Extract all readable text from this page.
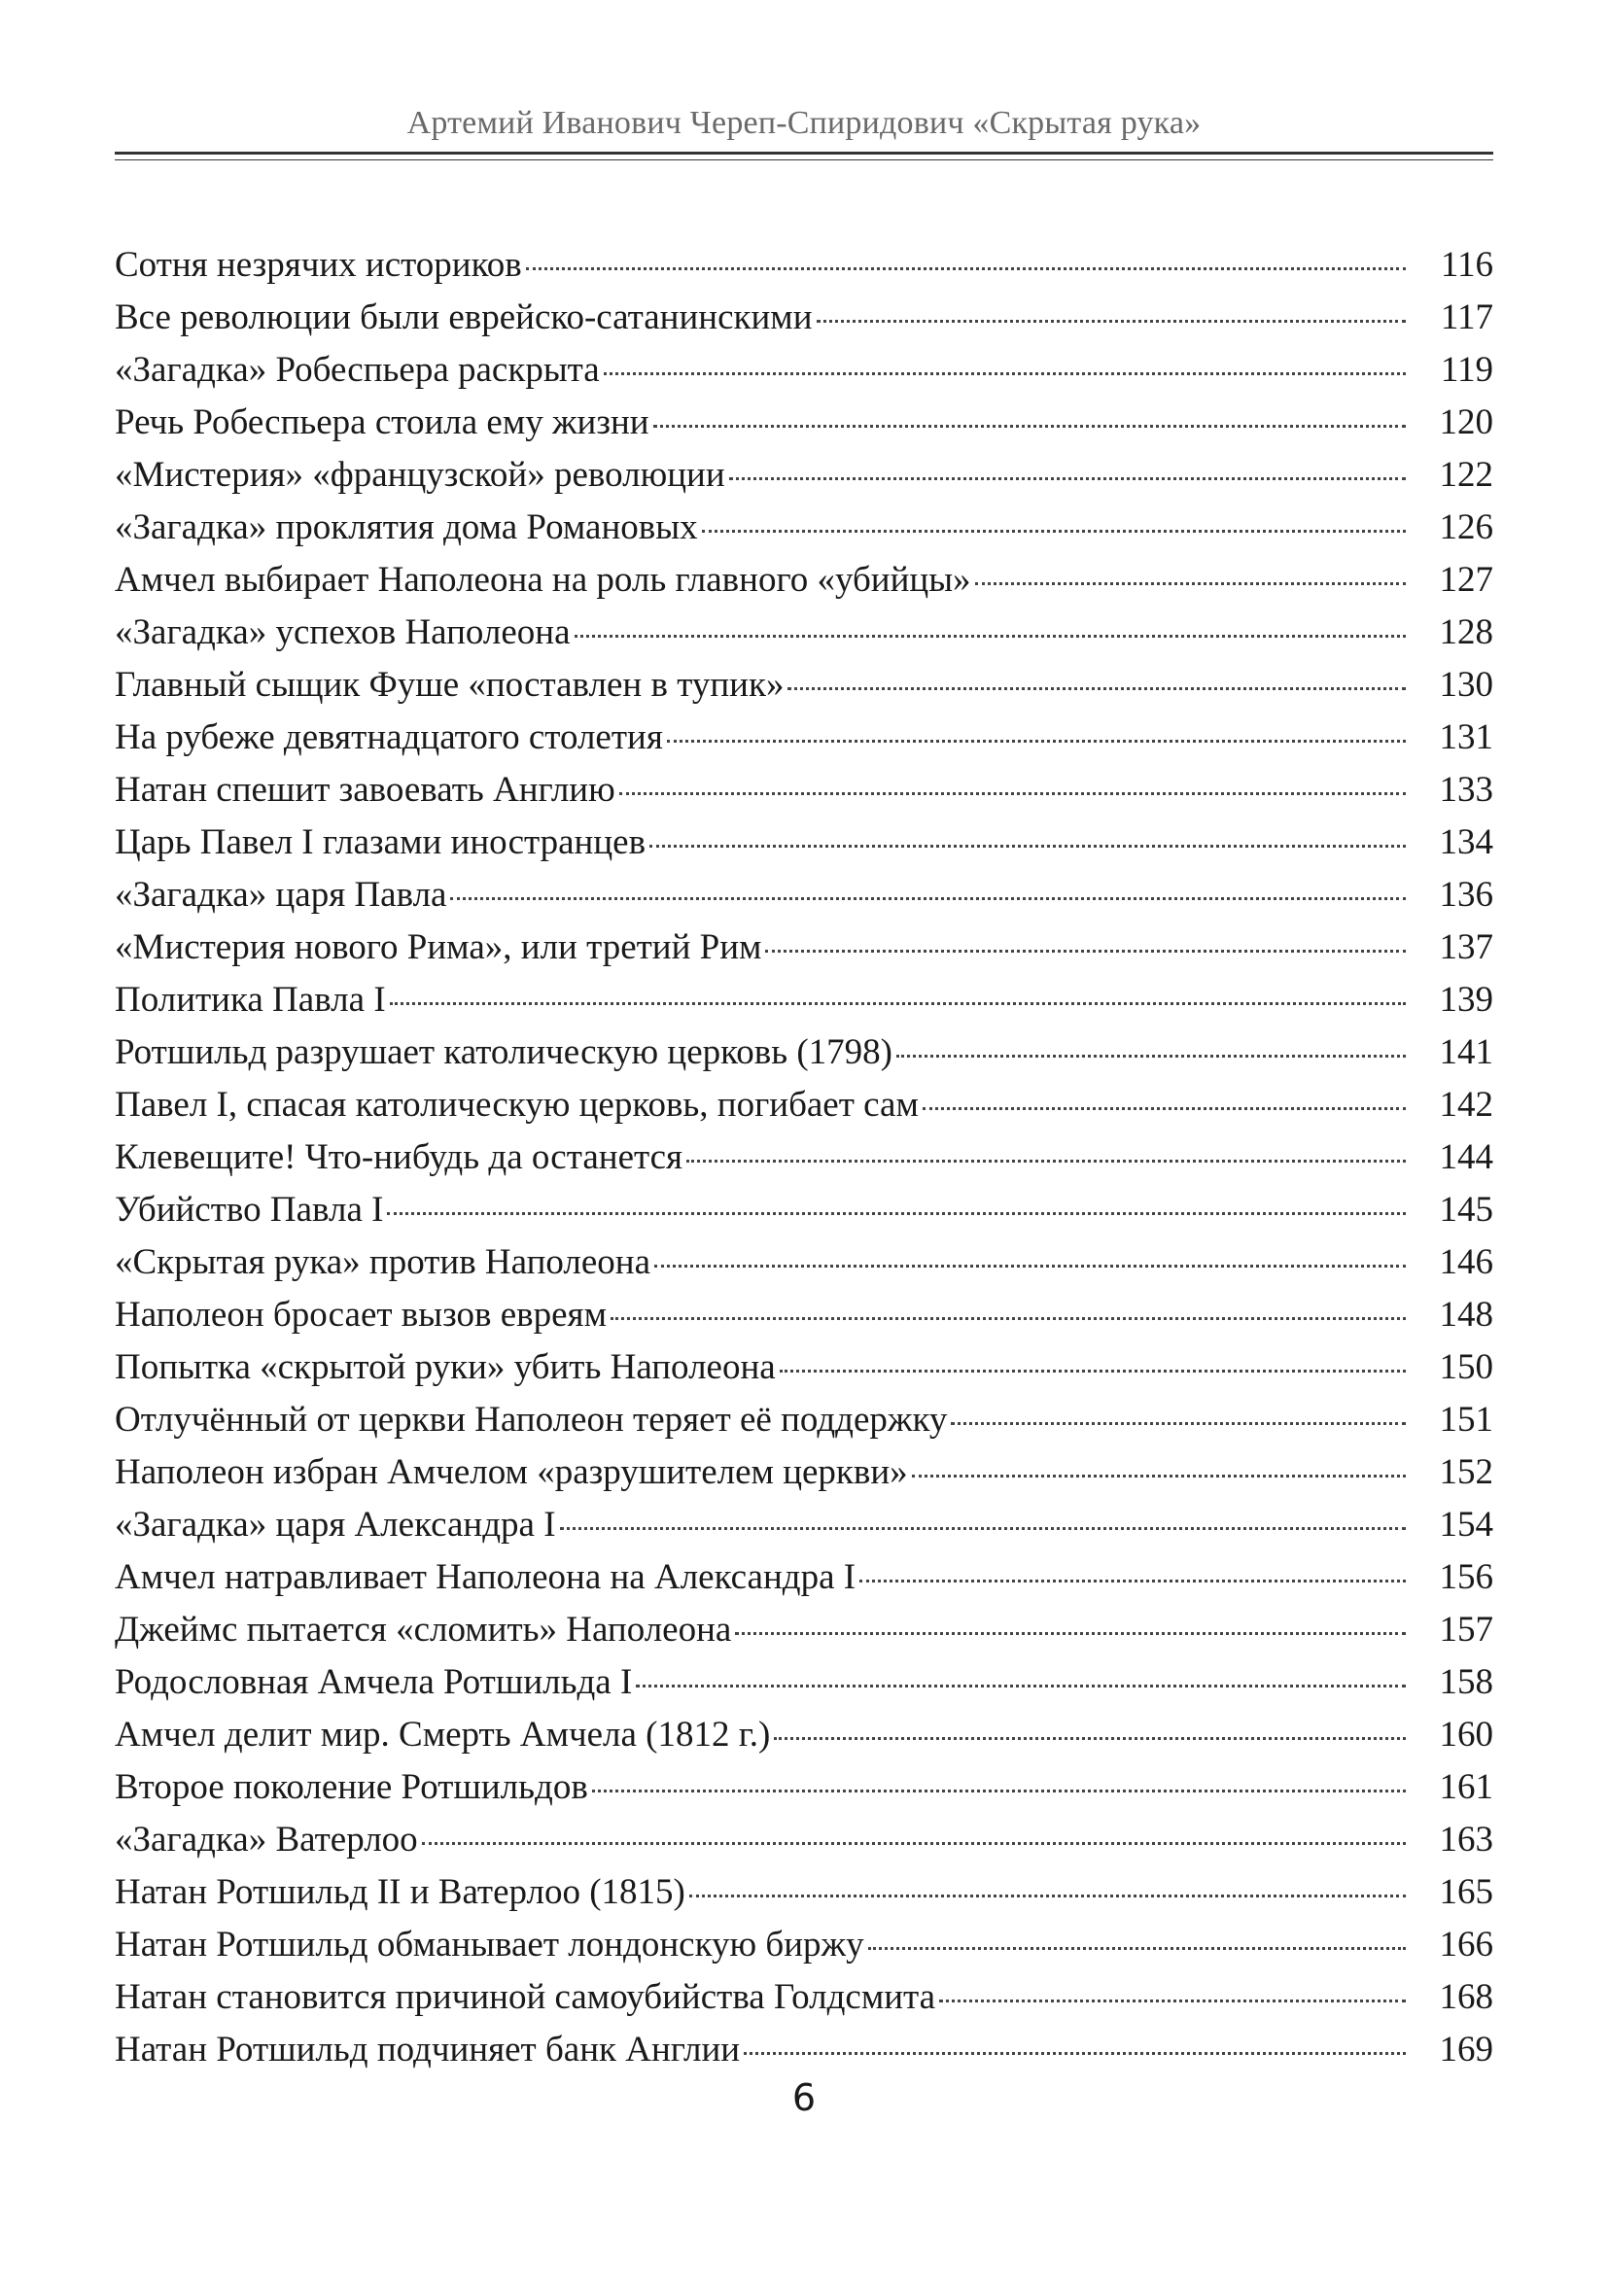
Артемий Иванович Череп-Спиридович «Скрытая рука»
Сотня незрячих историков	116
Все революции были еврейско-сатанинскими	117
«Загадка» Робеспьера раскрыта	119
Речь Робеспьера стоила ему жизни	120
«Мистерия» «французской» революции	122
«Загадка» проклятия дома Романовых	126
Амчел выбирает Наполеона на роль главного «убийцы»	127
«Загадка» успехов Наполеона	128
Главный сыщик Фуше «поставлен в тупик»	130
На рубеже девятнадцатого столетия	131
Натан спешит завоевать Англию	133
Царь Павел I глазами иностранцев	134
«Загадка» царя Павла	136
«Мистерия нового Рима», или третий Рим	137
Политика Павла I	139
Ротшильд разрушает католическую церковь (1798)	141
Павел I, спасая католическую церковь, погибает сам	142
Клевещите! Что-нибудь да останется	144
Убийство Павла I	145
«Скрытая рука» против Наполеона	146
Наполеон бросает вызов евреям	148
Попытка «скрытой руки» убить Наполеона	150
Отлучённый от церкви Наполеон теряет её поддержку	151
Наполеон избран Амчелом «разрушителем церкви»	152
«Загадка» царя Александра I	154
Амчел натравливает Наполеона на Александра I	156
Джеймс пытается «сломить» Наполеона	157
Родословная Амчела Ротшильда I	158
Амчел делит мир. Смерть Амчела (1812 г.)	160
Второе поколение Ротшильдов	161
«Загадка» Ватерлоо	163
Натан Ротшильд II и Ватерлоо (1815)	165
Натан Ротшильд обманывает лондонскую биржу	166
Натан становится причиной самоубийства Голдсмита	168
Натан Ротшильд подчиняет банк Англии	169
6
